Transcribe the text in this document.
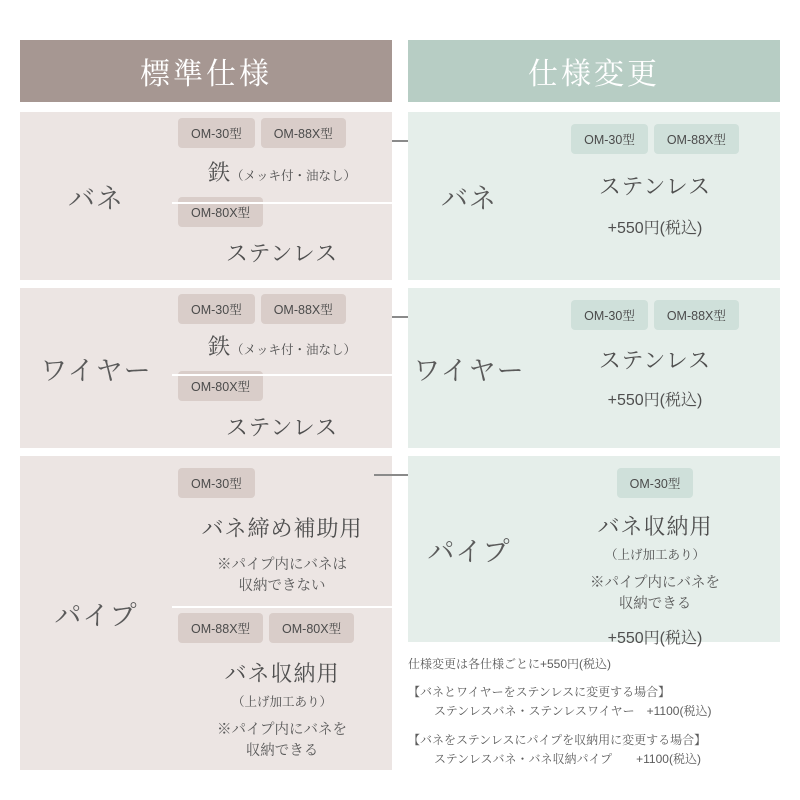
標準仕様	仕様変更
バネ
OM-30型	OM-88X型
鉄（メッキ付・油なし）
OM-80X型
ステンレス
バネ
OM-30型	OM-88X型
ステンレス
+550円(税込)
ワイヤー
OM-30型	OM-88X型
鉄（メッキ付・油なし）
OM-80X型
ステンレス
ワイヤー
OM-30型	OM-88X型
ステンレス
+550円(税込)
パイプ
OM-30型
バネ締め補助用
※パイプ内にバネは
収納できない
OM-88X型	OM-80X型
バネ収納用
（上げ加工あり）
※パイプ内にバネを
収納できる
パイプ
OM-30型
バネ収納用
（上げ加工あり）
※パイプ内にバネを
収納できる
+550円(税込)
仕様変更は各仕様ごとに+550円(税込)
【バネとワイヤーをステンレスに変更する場合】
ステンレスバネ・ステンレスワイヤー　+1100(税込)
【バネをステンレスにパイプを収納用に変更する場合】
ステンレスバネ・バネ収納パイプ　　+1100(税込)
